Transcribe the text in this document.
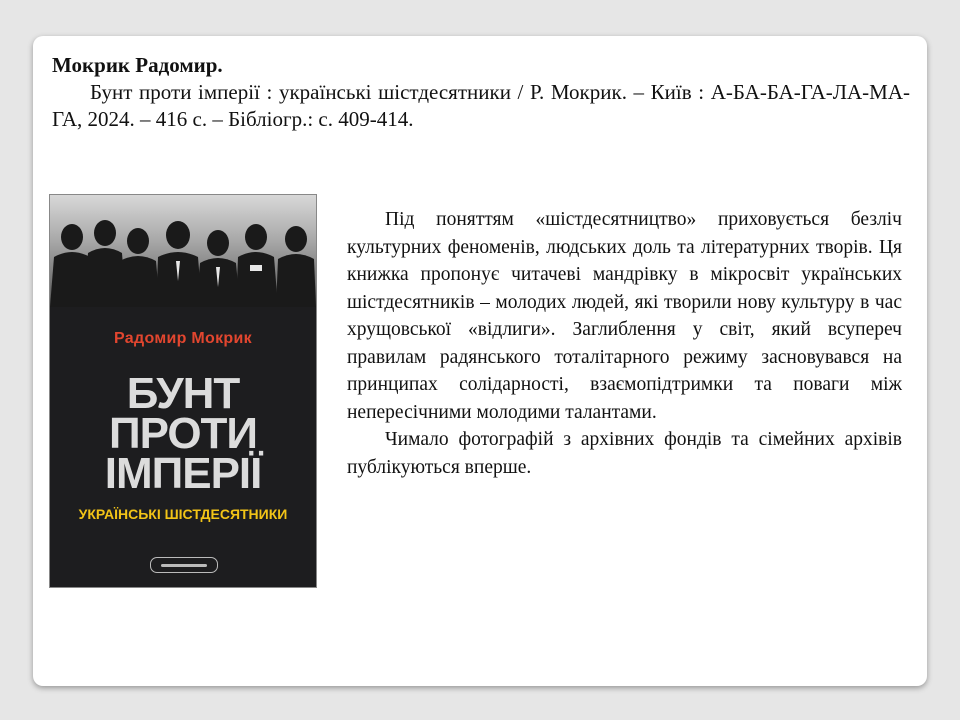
Мокрик Радомир.

Бунт проти імперії : українські шістдесятники / Р. Мокрик. – Київ : А-БА-БА-ГА-ЛА-МА-ГА, 2024. – 416 с. – Бібліогр.: с. 409-414.

Радомир Мокрик
БУНТ
ПРОТИ
ІМПЕРІЇ
УКРАЇНСЬКІ ШІСТДЕСЯТНИКИ

Під поняттям «шістдесятництво» приховується безліч культурних феноменів, людських доль та літературних творів. Ця книжка пропонує читачеві мандрівку в мікросвіт українських шістдесятників – молодих людей, які творили нову культуру в час хрущовської «відлиги». Заглиблення у світ, який всупереч правилам радянського тоталітарного режиму засновувався на принципах солідарності, взаємопідтримки та поваги між непересічними молодими талантами.

Чимало фотографій з архівних фондів та сімейних архівів публікуються вперше.
